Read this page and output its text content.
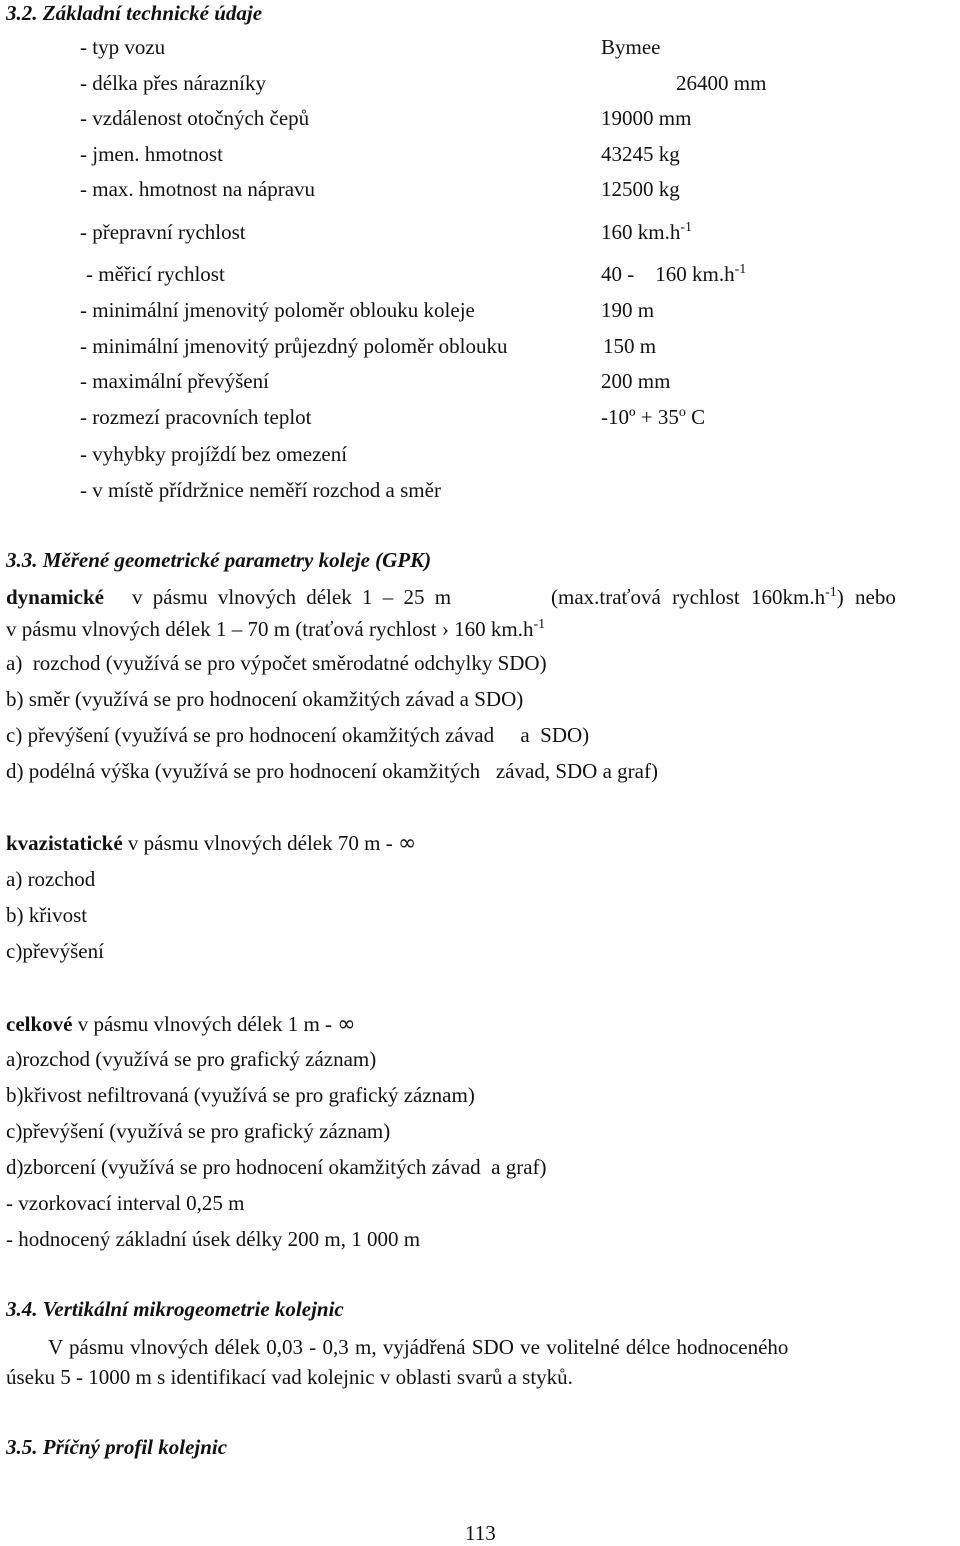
3.2. Základní technické údaje
- typ vozu	Bymee
- délka přes nárazníky	26400 mm
- vzdálenost otočných čepů	19000 mm
- jmen. hmotnost	43245 kg
- max. hmotnost na nápravu	12500 kg
- přepravní rychlost	160 $km.h^{-1}$
- měřicí rychlost	40 -    160 $km.h^{-1}$
- minimální jmenovitý poloměr oblouku koleje	190 m
- minimální jmenovitý průjezdný poloměr oblouku	150 m
- maximální převýšení	200 mm
- rozmezí pracovních teplot	-10º + $35^o$ C
- vyhybky projíždí bez omezení
- v místě přídržnice neměří rozchod a směr
3.3. Měřené geometrické parametry koleje (GPK)
dynamické v pásmu vlnových délek 1 – 25 m	(max.traťová rychlost $160km.h^{-1}$) nebo
v pásmu vlnových délek 1 – 70 m (traťová rychlost › 160 $km.h^{-1}$
a)  rozchod (využívá se pro výpočet směrodatné odchylky SDO)
b) směr (využívá se pro hodnocení okamžitých závad a SDO)
c) převýšení (využívá se pro hodnocení okamžitých závad     a  SDO)
d) podélná výška (využívá se pro hodnocení okamžitých   závad, SDO a graf)
kvazistatické v pásmu vlnových délek 70 m - ∞
a) rozchod
b) křivost
c)převýšení
celkové v pásmu vlnových délek 1 m - ∞
a)rozchod (využívá se pro grafický záznam)
b)křivost nefiltrovaná (využívá se pro grafický záznam)
c)převýšení (využívá se pro grafický záznam)
d)zborcení (využívá se pro hodnocení okamžitých závad  a graf)
- vzorkovací interval 0,25 m
- hodnocený základní úsek délky 200 m, 1 000 m
3.4. Vertikální mikrogeometrie kolejnic
V pásmu vlnových délek 0,03 - 0,3 m, vyjádřená SDO ve volitelné délce hodnoceného
úseku 5 - 1000 m s identifikací vad kolejnic v oblasti svarů a styků.
3.5. Příčný profil kolejnic
113
